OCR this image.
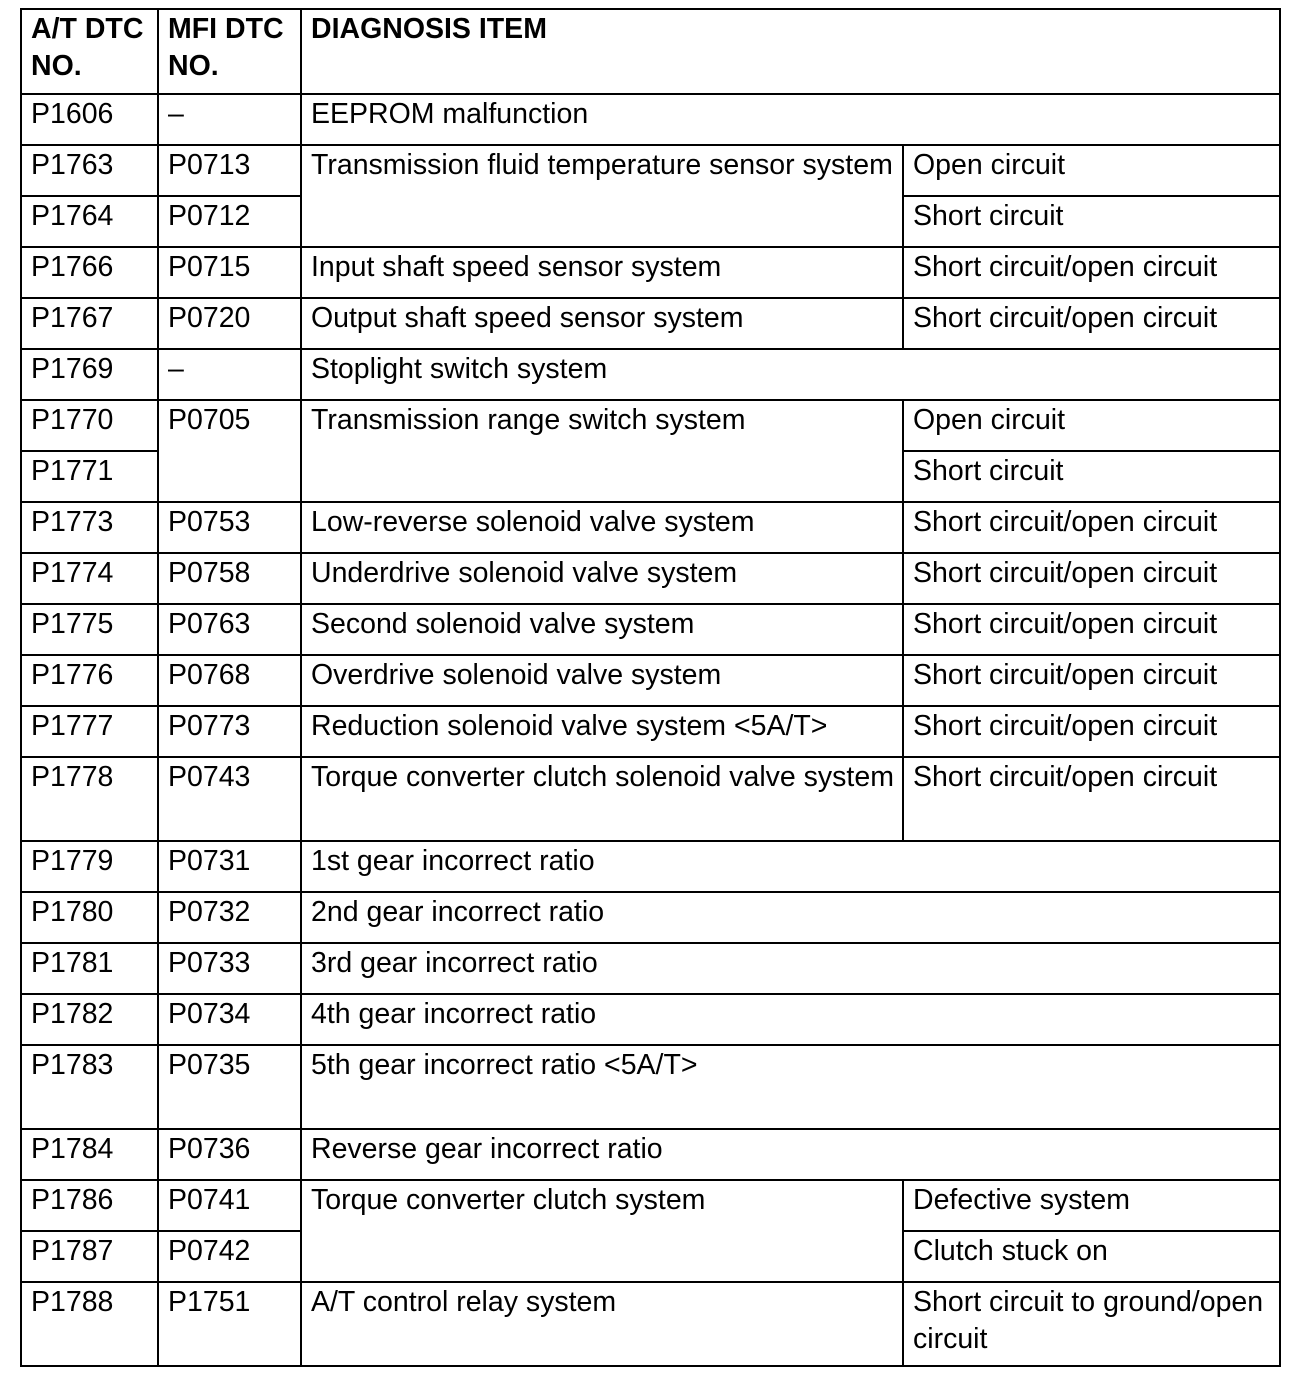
A/T DTC NO.	MFI DTC NO.	DIAGNOSIS ITEM	
P1606	–	EEPROM malfunction	
P1763	P0713	Transmission fluid temperature sensor system	Open circuit
P1764	P0712		Short circuit
P1766	P0715	Input shaft speed sensor system	Short circuit/open circuit
P1767	P0720	Output shaft speed sensor system	Short circuit/open circuit
P1769	–	Stoplight switch system	
P1770	P0705	Transmission range switch system	Open circuit
P1771			Short circuit
P1773	P0753	Low-reverse solenoid valve system	Short circuit/open circuit
P1774	P0758	Underdrive solenoid valve system	Short circuit/open circuit
P1775	P0763	Second solenoid valve system	Short circuit/open circuit
P1776	P0768	Overdrive solenoid valve system	Short circuit/open circuit
P1777	P0773	Reduction solenoid valve system <5A/T>	Short circuit/open circuit
P1778	P0743	Torque converter clutch solenoid valve system	Short circuit/open circuit
P1779	P0731	1st gear incorrect ratio	
P1780	P0732	2nd gear incorrect ratio	
P1781	P0733	3rd gear incorrect ratio	
P1782	P0734	4th gear incorrect ratio	
P1783	P0735	5th gear incorrect ratio <5A/T>	
P1784	P0736	Reverse gear incorrect ratio	
P1786	P0741	Torque converter clutch system	Defective system
P1787	P0742		Clutch stuck on
P1788	P1751	A/T control relay system	Short circuit to ground/open circuit
